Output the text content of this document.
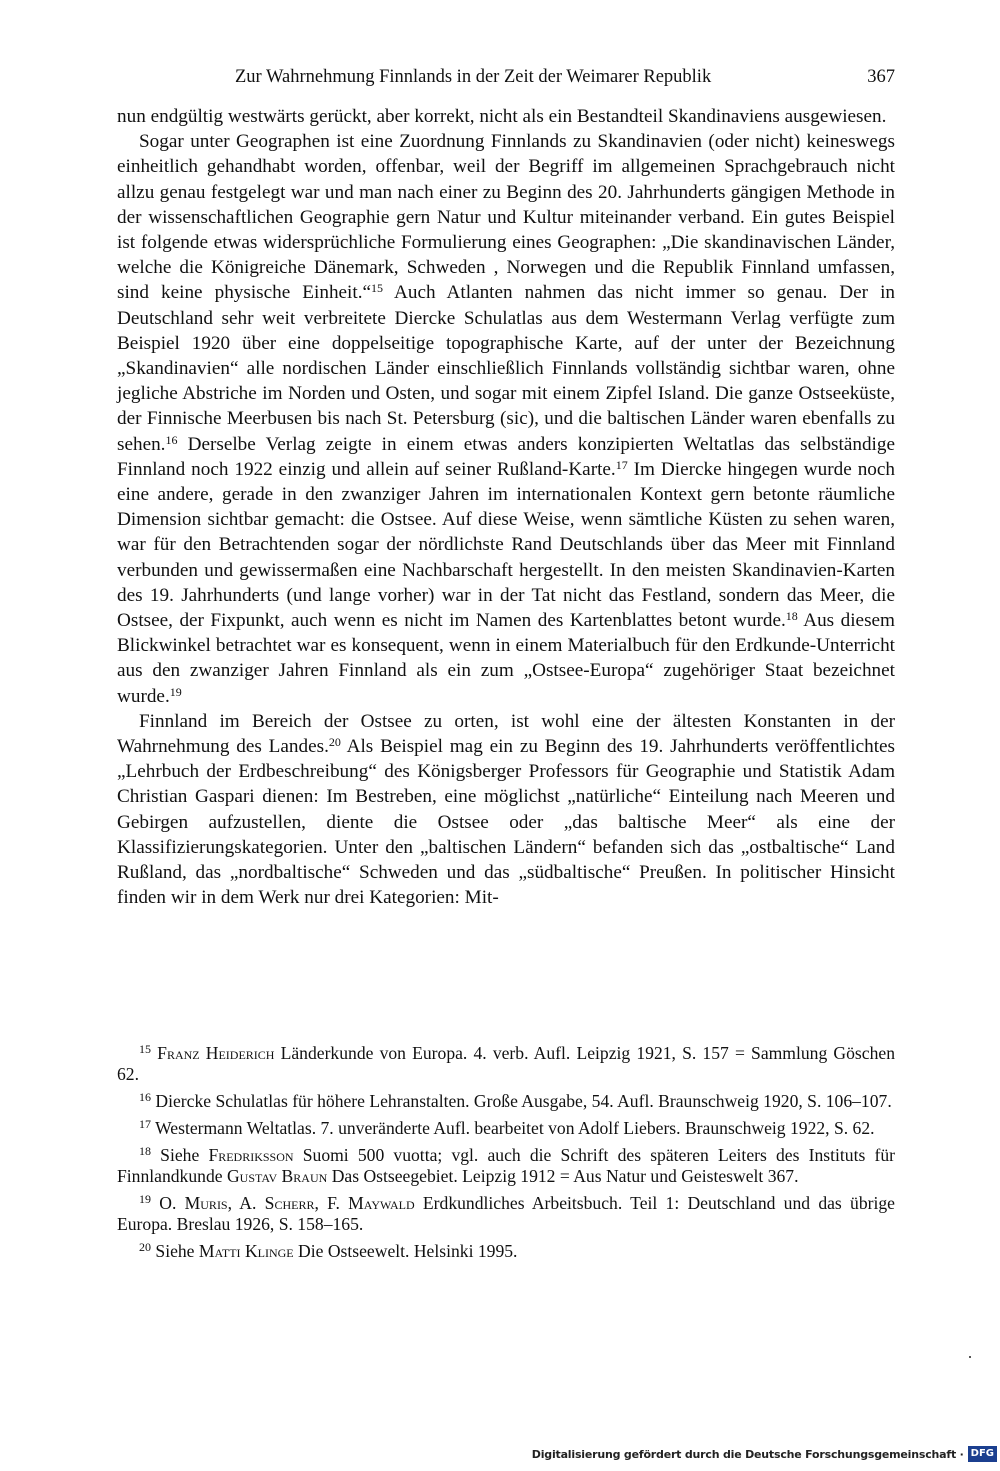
Zur Wahrnehmung Finnlands in der Zeit der Weimarer Republik	367

nun endgültig westwärts gerückt, aber korrekt, nicht als ein Bestandteil Skandinaviens ausgewiesen.

Sogar unter Geographen ist eine Zuordnung Finnlands zu Skandinavien (oder nicht) keineswegs einheitlich gehandhabt worden, offenbar, weil der Begriff im allgemeinen Sprachgebrauch nicht allzu genau festgelegt war und man nach einer zu Beginn des 20. Jahrhunderts gängigen Methode in der wissenschaftlichen Geographie gern Natur und Kultur miteinander verband. Ein gutes Beispiel ist folgende etwas widersprüchliche Formulierung eines Geographen: „Die skandinavischen Länder, welche die Königreiche Dänemark, Schweden , Norwegen und die Republik Finnland umfassen, sind keine physische Einheit.“$^{15}$ Auch Atlanten nahmen das nicht immer so genau. Der in Deutschland sehr weit verbreitete Diercke Schulatlas aus dem Westermann Verlag verfügte zum Beispiel 1920 über eine doppelseitige topographische Karte, auf der unter der Bezeichnung „Skandinavien“ alle nordischen Länder einschließlich Finnlands vollständig sichtbar waren, ohne jegliche Abstriche im Norden und Osten, und sogar mit einem Zipfel Island. Die ganze Ostseeküste, der Finnische Meerbusen bis nach St. Petersburg (sic), und die baltischen Länder waren ebenfalls zu sehen.$^{16}$ Derselbe Verlag zeigte in einem etwas anders konzipierten Weltatlas das selbständige Finnland noch 1922 einzig und allein auf seiner Rußland-Karte.$^{17}$ Im Diercke hingegen wurde noch eine andere, gerade in den zwanziger Jahren im internationalen Kontext gern betonte räumliche Dimension sichtbar gemacht: die Ostsee. Auf diese Weise, wenn sämtliche Küsten zu sehen waren, war für den Betrachtenden sogar der nördlichste Rand Deutschlands über das Meer mit Finnland verbunden und gewissermaßen eine Nachbarschaft hergestellt. In den meisten Skandinavien-Karten des 19. Jahrhunderts (und lange vorher) war in der Tat nicht das Festland, sondern das Meer, die Ostsee, der Fixpunkt, auch wenn es nicht im Namen des Kartenblattes betont wurde.$^{18}$ Aus diesem Blickwinkel betrachtet war es konsequent, wenn in einem Materialbuch für den Erdkunde-Unterricht aus den zwanziger Jahren Finnland als ein zum „Ostsee-Europa“ zugehöriger Staat bezeichnet wurde.$^{19}$

Finnland im Bereich der Ostsee zu orten, ist wohl eine der ältesten Konstanten in der Wahrnehmung des Landes.$^{20}$ Als Beispiel mag ein zu Beginn des 19. Jahrhunderts veröffentlichtes „Lehrbuch der Erdbeschreibung“ des Königsberger Professors für Geographie und Statistik Adam Christian Gaspari dienen: Im Bestreben, eine möglichst „natürliche“ Einteilung nach Meeren und Gebirgen aufzustellen, diente die Ostsee oder „das baltische Meer“ als eine der Klassifizierungskategorien. Unter den „baltischen Ländern“ befanden sich das „ostbaltische“ Land Rußland, das „nordbaltische“ Schweden und das „südbaltische“ Preußen. In politischer Hinsicht finden wir in dem Werk nur drei Kategorien: Mit-

$^{15}$ Franz Heiderich Länderkunde von Europa. 4. verb. Aufl. Leipzig 1921, S. 157 = Sammlung Göschen 62.

$^{16}$ Diercke Schulatlas für höhere Lehranstalten. Große Ausgabe, 54. Aufl. Braunschweig 1920, S. 106–107.

$^{17}$ Westermann Weltatlas. 7. unveränderte Aufl. bearbeitet von Adolf Liebers. Braunschweig 1922, S. 62.

$^{18}$ Siehe Fredriksson Suomi 500 vuotta; vgl. auch die Schrift des späteren Leiters des Instituts für Finnlandkunde Gustav Braun Das Ostseegebiet. Leipzig 1912 = Aus Natur und Geisteswelt 367.

$^{19}$ O. Muris, A. Scherr, F. Maywald Erdkundliches Arbeitsbuch. Teil 1: Deutschland und das übrige Europa. Breslau 1926, S. 158–165.

$^{20}$ Siehe Matti Klinge Die Ostseewelt. Helsinki 1995.

Digitalisierung gefördert durch die Deutsche Forschungsgemeinschaft · DFG
